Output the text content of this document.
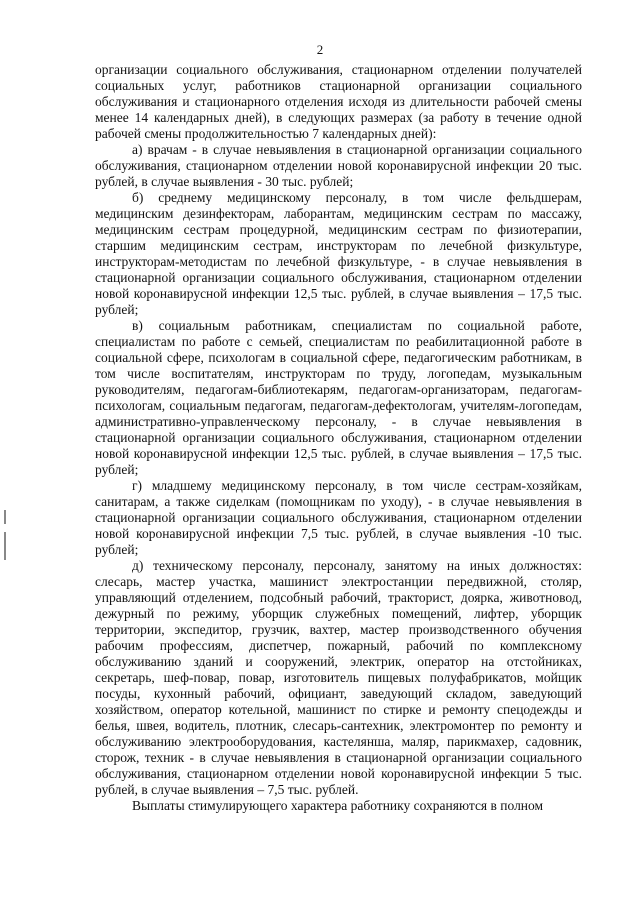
2

организации социального обслуживания, стационарном отделении получателей социальных услуг, работников стационарной организации социального обслуживания и стационарного отделения исходя из длительности рабочей смены менее 14 календарных дней), в следующих размерах (за работу в течение одной рабочей смены продолжительностью 7 календарных дней):

а) врачам - в случае невыявления в стационарной организации социального обслуживания, стационарном отделении новой коронавирусной инфекции 20 тыс. рублей, в случае выявления - 30 тыс. рублей;

б) среднему медицинскому персоналу, в том числе фельдшерам, медицинским дезинфекторам, лаборантам, медицинским сестрам по массажу, медицинским сестрам процедурной, медицинским сестрам по физиотерапии, старшим медицинским сестрам, инструкторам по лечебной физкультуре, инструкторам-методистам по лечебной физкультуре, - в случае невыявления в стационарной организации социального обслуживания, стационарном отделении новой коронавирусной инфекции 12,5 тыс. рублей, в случае выявления – 17,5 тыс. рублей;

в) социальным работникам, специалистам по социальной работе, специалистам по работе с семьей, специалистам по реабилитационной работе в социальной сфере, психологам в социальной сфере, педагогическим работникам, в том числе воспитателям, инструкторам по труду, логопедам, музыкальным руководителям, педагогам-библиотекарям, педагогам-организаторам, педагогам-психологам, социальным педагогам, педагогам-дефектологам, учителям-логопедам, административно-управленческому персоналу, - в случае невыявления в стационарной организации социального обслуживания, стационарном отделении новой коронавирусной инфекции 12,5 тыс. рублей, в случае выявления – 17,5 тыс. рублей;

г) младшему медицинскому персоналу, в том числе сестрам-хозяйкам, санитарам, а также сиделкам (помощникам по уходу), - в случае невыявления в стационарной организации социального обслуживания, стационарном отделении новой коронавирусной инфекции 7,5 тыс. рублей, в случае выявления -10 тыс. рублей;

д) техническому персоналу, персоналу, занятому на иных должностях: слесарь, мастер участка, машинист электростанции передвижной, столяр, управляющий отделением, подсобный рабочий, тракторист, доярка, животновод, дежурный по режиму, уборщик служебных помещений, лифтер, уборщик территории, экспедитор, грузчик, вахтер, мастер производственного обучения рабочим профессиям, диспетчер, пожарный, рабочий по комплексному обслуживанию зданий и сооружений, электрик, оператор на отстойниках, секретарь, шеф-повар, повар, изготовитель пищевых полуфабрикатов, мойщик посуды, кухонный рабочий, официант, заведующий складом, заведующий хозяйством, оператор котельной, машинист по стирке и ремонту спецодежды и белья, швея, водитель, плотник, слесарь-сантехник, электромонтер по ремонту и обслуживанию электрооборудования, кастелянша, маляр, парикмахер, садовник, сторож, техник - в случае невыявления в стационарной организации социального обслуживания, стационарном отделении новой коронавирусной инфекции 5 тыс. рублей, в случае выявления – 7,5 тыс. рублей.

Выплаты стимулирующего характера работнику сохраняются в полном
